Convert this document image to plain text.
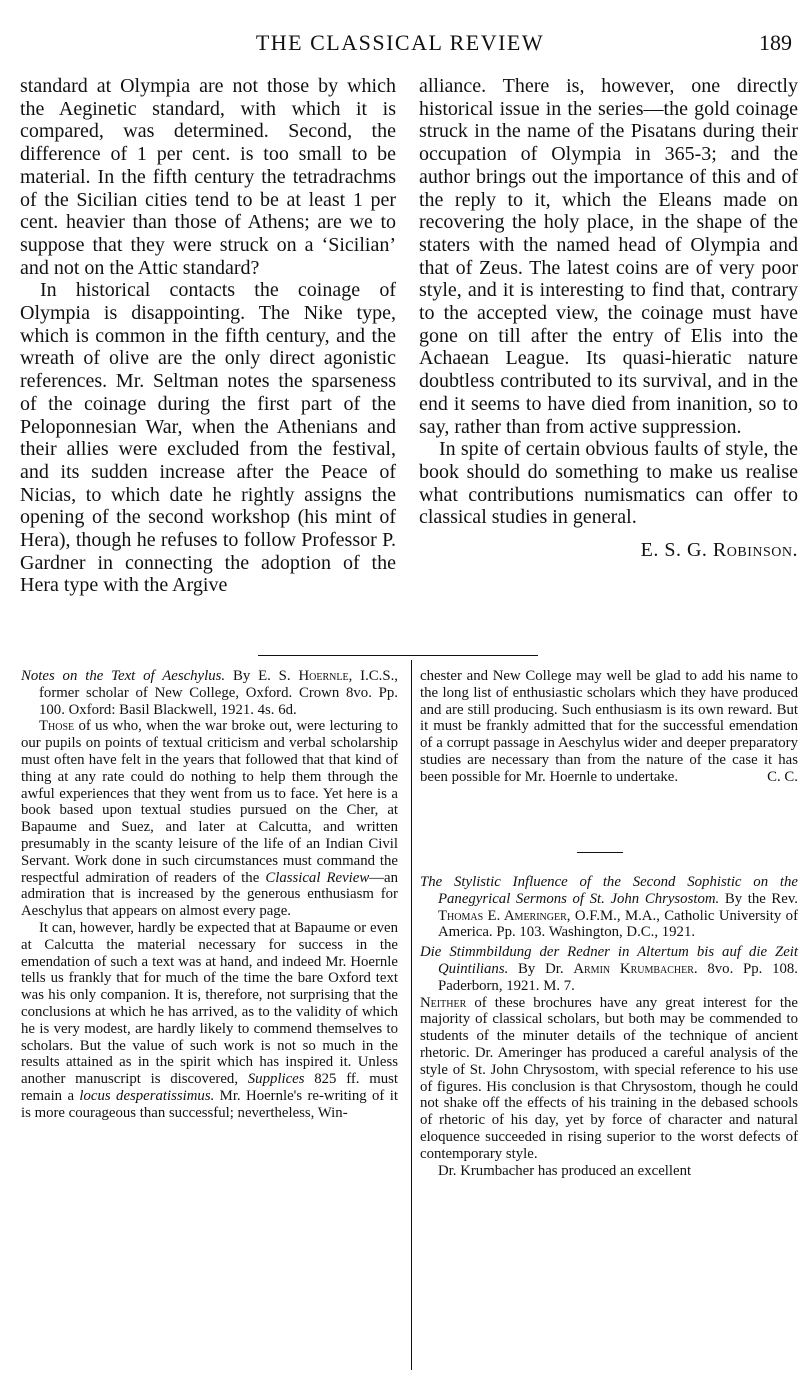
THE CLASSICAL REVIEW	189

standard at Olympia are not those by which the Aeginetic standard, with which it is compared, was determined. Second, the difference of 1 per cent. is too small to be material. In the fifth century the tetradrachms of the Sicilian cities tend to be at least 1 per cent. heavier than those of Athens; are we to suppose that they were struck on a ‘Sicilian’ and not on the Attic standard?

In historical contacts the coinage of Olympia is disappointing. The Nike type, which is common in the fifth century, and the wreath of olive are the only direct agonistic references. Mr. Seltman notes the sparseness of the coinage during the first part of the Peloponnesian War, when the Athenians and their allies were excluded from the festival, and its sudden increase after the Peace of Nicias, to which date he rightly assigns the opening of the second workshop (his mint of Hera), though he refuses to follow Professor P. Gardner in connecting the adoption of the Hera type with the Argive

alliance. There is, however, one directly historical issue in the series—the gold coinage struck in the name of the Pisatans during their occupation of Olympia in 365-3; and the author brings out the importance of this and of the reply to it, which the Eleans made on recovering the holy place, in the shape of the staters with the named head of Olympia and that of Zeus. The latest coins are of very poor style, and it is interesting to find that, contrary to the accepted view, the coinage must have gone on till after the entry of Elis into the Achaean League. Its quasi-hieratic nature doubtless contributed to its survival, and in the end it seems to have died from inanition, so to say, rather than from active suppression.

In spite of certain obvious faults of style, the book should do something to make us realise what contributions numismatics can offer to classical studies in general.

E. S. G. Robinson.

Notes on the Text of Aeschylus. By E. S. Hoernle, I.C.S., former scholar of New College, Oxford. Crown 8vo. Pp. 100. Oxford: Basil Blackwell, 1921. 4s. 6d.

Those of us who, when the war broke out, were lecturing to our pupils on points of textual criticism and verbal scholarship must often have felt in the years that followed that that kind of thing at any rate could do nothing to help them through the awful experiences that they went from us to face. Yet here is a book based upon textual studies pursued on the Cher, at Bapaume and Suez, and later at Calcutta, and written presumably in the scanty leisure of the life of an Indian Civil Servant. Work done in such circumstances must command the respectful admiration of readers of the Classical Review—an admiration that is increased by the generous enthusiasm for Aeschylus that appears on almost every page.

It can, however, hardly be expected that at Bapaume or even at Calcutta the material necessary for success in the emendation of such a text was at hand, and indeed Mr. Hoernle tells us frankly that for much of the time the bare Oxford text was his only companion. It is, therefore, not surprising that the conclusions at which he has arrived, as to the validity of which he is very modest, are hardly likely to commend themselves to scholars. But the value of such work is not so much in the results attained as in the spirit which has inspired it. Unless another manuscript is discovered, Supplices 825 ff. must remain a locus desperatissimus. Mr. Hoernle's re-writing of it is more courageous than successful; nevertheless, Win-

chester and New College may well be glad to add his name to the long list of enthusiastic scholars which they have produced and are still producing. Such enthusiasm is its own reward. But it must be frankly admitted that for the successful emendation of a corrupt passage in Aeschylus wider and deeper preparatory studies are necessary than from the nature of the case it has been possible for Mr. Hoernle to undertake.	C. C.

The Stylistic Influence of the Second Sophistic on the Panegyrical Sermons of St. John Chrysostom. By the Rev. Thomas E. Ameringer, O.F.M., M.A., Catholic University of America. Pp. 103. Washington, D.C., 1921.

Die Stimmbildung der Redner in Altertum bis auf die Zeit Quintilians. By Dr. Armin Krumbacher. 8vo. Pp. 108. Paderborn, 1921. M. 7.

Neither of these brochures have any great interest for the majority of classical scholars, but both may be commended to students of the minuter details of the technique of ancient rhetoric. Dr. Ameringer has produced a careful analysis of the style of St. John Chrysostom, with special reference to his use of figures. His conclusion is that Chrysostom, though he could not shake off the effects of his training in the debased schools of rhetoric of his day, yet by force of character and natural eloquence succeeded in rising superior to the worst defects of contemporary style.

Dr. Krumbacher has produced an excellent
